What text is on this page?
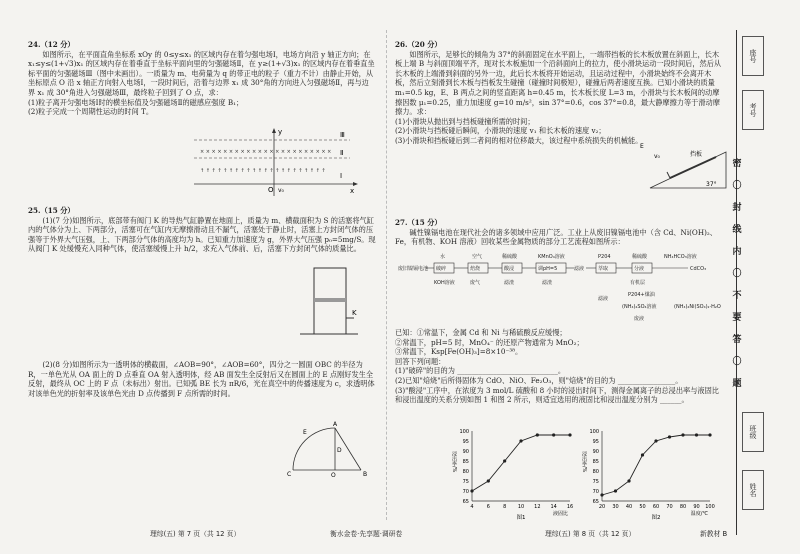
24.（12 分）

如图所示，在平面直角坐标系 xOy 的 0≤y≤x₁ 的区域内存在着匀强电场Ⅰ，电场方向沿 y 轴正方向；在 x₁≤y≤(1+√3)x₁ 的区域内存在着垂直于坐标平面向里的匀强磁场Ⅱ，在 y≥(1+√3)x₁ 的区域内存在着垂直坐标平面的匀强磁场Ⅲ（图中未画出）。一质量为 m、电荷量为 q 的带正电的粒子（重力不计）由静止开始，从坐标原点 O 沿 x 轴正方向射入电场Ⅰ，一段时间后，沿着与边界 x₁ 成 30°角的方向进入匀强磁场Ⅱ，再与边界 x₁ 成 30°角进入匀强磁场Ⅲ，最终粒子回到了 O 点，求：

(1)粒子离开匀强电场Ⅰ时的横坐标值及匀强磁场Ⅱ的磁感应强度 B₁；

(2)粒子完成一个周期性运动的时间 T。

y
x
× × × × × × × × × × × × × × × × × × × × × × ×
↑ ↑ ↑ ↑ ↑ ↑ ↑ ↑ ↑ ↑ ↑ ↑ ↑ ↑ ↑ ↑ ↑ ↑ ↑ ↑ ↑ ↑
Ⅲ
Ⅱ
Ⅰ
O v₀
25.（15 分）

(1)(7 分)如图所示，底部带有阀门 K 的导热气缸静置在地面上，质量为 m、横截面积为 S 的活塞将气缸内的气体分为上、下两部分，活塞可在气缸内无摩擦滑动且不漏气，活塞处于静止时，活塞上方封闭气体的压强等于外界大气压强，上、下两部分气体的高度均为 h。已知重力加速度为 g，外界大气压强 p₀=5mg/S。现从阀门 K 处缓慢充入同种气体，使活塞缓慢上升 h/2，求充入气体前、后，活塞下方封闭气体的质量比。

K

(2)(8 分)如图所示为一透明体的横截面，∠AOB=90°，∠AOB=60°，四分之一圆面 OBC 的半径为 R，一单色光从 OA 面上的 D 点垂直 OA 射入透明体，经 AB 面发生全反射后又在圆面上的 E 点刚好发生全反射，最终从 OC 上的 F 点（未标出）射出。已知弧 BE 长为 πR/6，光在真空中的传播速度为 c，求透明体对该单色光的折射率及该单色光由 D 点传播到 F 点所需的时间。

E
A
B
C	O
D
26.（20 分）

如图所示，足够长的倾角为 37°的斜面固定在水平面上，一端带挡板的长木板放置在斜面上，长木板上端 B 与斜面顶端平齐，现对长木板施加一个沿斜面向上的拉力，使小滑块运动一段时间后，然后从长木板的上端滑到斜面的另外一边，此后长木板将开始运动，且运动过程中，小滑块始终不会离开木板，然后立刻滑到长木板与挡板发生碰撞（碰撞时间极短），碰撞后两者速度互换。已知小滑块的质量 m₁=0.5 kg，E、B 两点之间的竖直距离 h=0.45 m，长木板长度 L=3 m，小滑块与长木板间的动摩擦因数 μ₁=0.25，重力加速度 g=10 m/s²，sin 37°=0.6，cos 37°=0.8，最大静摩擦力等于滑动摩擦力。求：

(1)小滑块从抛出到与挡板碰撞所需的时间；

(2)小滑块与挡板碰后瞬间，小滑块的速度 v₁ 和长木板的速度 v₂；

(3)小滑块和挡板碰后到二者间的相对位移最大，该过程中系统损失的机械能。

E
v₀	挡板
37°
27.（15 分）

碱性镍镉电池在现代社会的诸多领域中应用广泛。工业上从废旧镍镉电池中（含 Cd、Ni(OH)₂、Fe，有机物、KOH 溶液）回收某些金属物质的部分工艺流程如图所示：

废旧镍镉电池 破碎	焙烧	酸浸	调pH=5	滤液	萃取	分液	CdCO₃
水	空气	稀硫酸	KMnO₄溶液	P204	稀硫酸	NH₄HCO₃溶液
KOH溶液	废气	滤渣	滤渣	有机层
P204+煤油
(NH₄)₂SO₄溶液	(NH₄)₂Ni(SO₄)₂·H₂O
滤液
废液

已知：①常温下，金属 Cd 和 Ni 与稀硫酸反应缓慢；

②常温下，pH=5 时，MnO₄⁻ 的还原产物通常为 MnO₂；

③常温下，Ksp[Fe(OH)₃]=8×10⁻³⁸。

回答下列问题：

(1)"破碎"的目的为 ____________________________。

(2)已知"焙烧"后所得固体为 CdO、NiO、Fe₂O₃，则"焙烧"的目的为 ________________。

(3)"酸浸"工序中，在浓度为 3 mol/L 硫酸和 8 小时的浸出时间下，测得金属离子的总浸出率与液固比和浸出温度的关系分别如图 1 和图 2 所示，则适宜选用的液固比和浸出温度分别为 ______。

65
70
75
80
85
90
95
100
4	6	8 10 12 14 16
浸出率/%
液固比
图1
65
70
75
80
85
90
95
100
20 30 40 50 60 70 80 90 100
浸出率/%
温度/℃
图2
座号
考号
班级
姓名
密
〇
封
线
内
〇
不
要
答
〇
题
理综(五) 第 7 页（共 12 页）	衡水金卷·先享题·调研卷	理综(五) 第 8 页（共 12 页）	新教材 B
